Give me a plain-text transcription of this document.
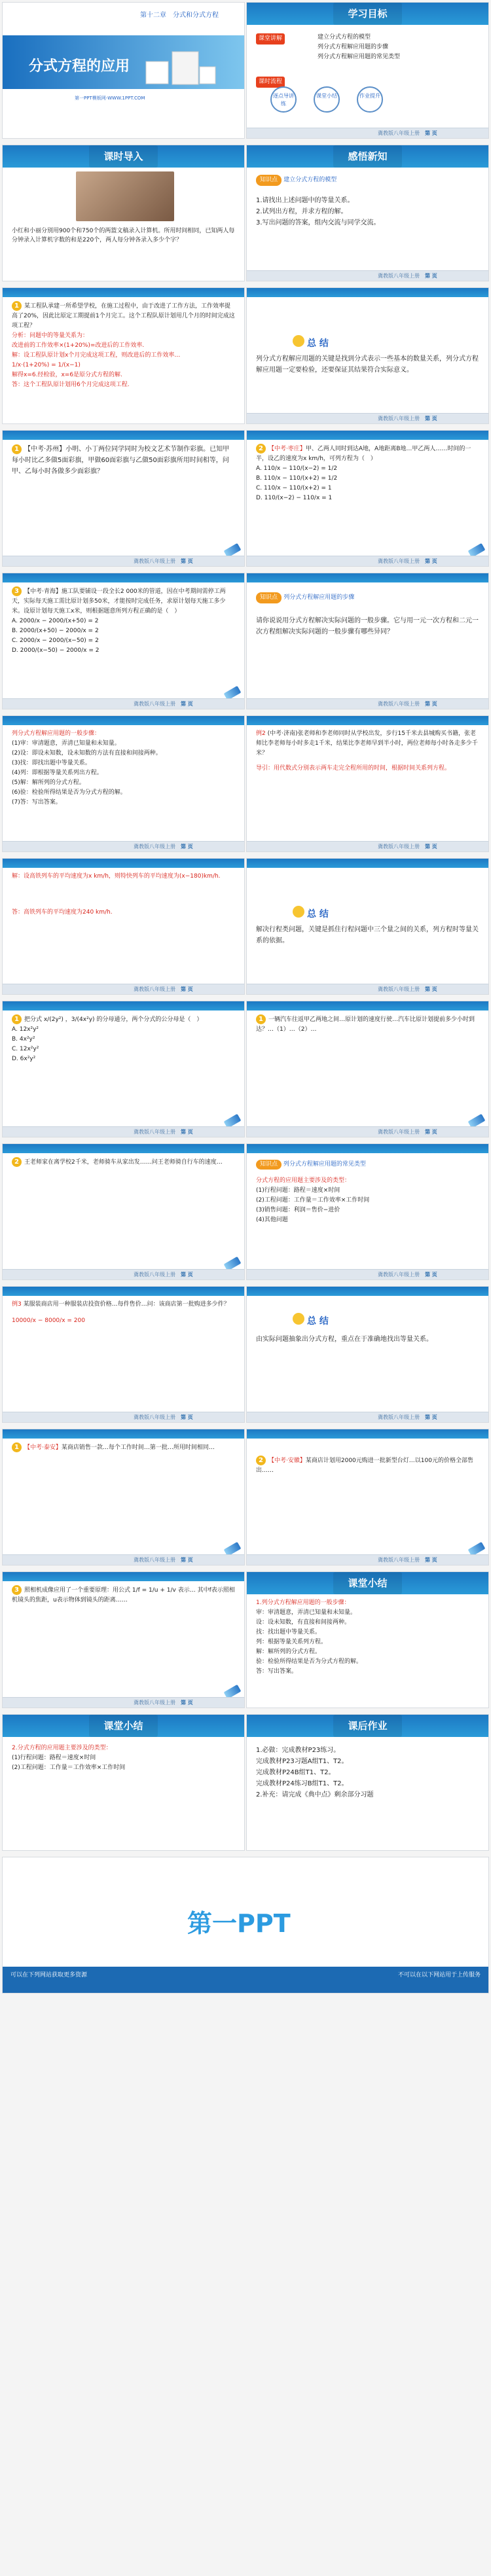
第十二章　分式和分式方程
分式方程的应用
第一PPT模板网-WWW.1PPT.COM
学习目标
课堂讲解	建立分式方程的模型
列分式方程解应用题的步骤
列分式方程解应用题的常见类型
课时流程
逐点导讲练
课堂小结	作业提升
冀教版八年级上册 第 页
课时导入
小红和小丽分别用900个和750个的两篮文稿录入计算机。所用时间相同，已知两人每分钟录入计算机字数的和是220个，两人每分钟各录入多少个字？
感悟新知
知识点 建立分式方程的模型
1.请找出上述问题中的等量关系。
2.试列出方程，并求方程的解。
3.写出问题的答案，组内交流与同学交流。
冀教版八年级上册 第 页
1 某工程队承建一所希望学校，在施工过程中，由于改进了工作方法，工作效率提高了20%，因此比原定工期提前1个月完工。这个工程队原计划用几个月的时间完成这项工程？
分析：问题中的等量关系为：
改进前的工作效率×(1+20%)=改进后的工作效率.
解：设工程队原计划x个月完成这项工程，则改进后的工作效率…
1/x·(1+20%) = 1/(x−1)
解得x=6.经检验，x=6是原分式方程的解.
答：这个工程队原计划用6个月完成这项工程.
总 结
列分式方程解应用题的关键是找到分式表示一些基本的数量关系，列分式方程解应用题一定要检验，还要保证其结果符合实际意义。
冀教版八年级上册 第 页
1 【中考·苏州】小明、小丁两位同学同时为校文艺术节制作彩旗。已知甲每小时比乙多做5面彩旗，甲做60面彩旗与乙做50面彩旗所用时间相等，问甲、乙每小时各做多少面彩旗？
冀教版八年级上册 第 页
2 【中考·枣庄】甲、乙两人同时到达A地，A地距离B地…甲乙两人……时间的一半，设乙的速度为x km/h，可列方程为（　）
A. 110/x − 110/(x−2) = 1/2
B. 110/x − 110/(x+2) = 1/2
C. 110/x − 110/(x+2) = 1
D. 110/(x−2) − 110/x = 1
冀教版八年级上册 第 页
3 【中考·青海】施工队要铺设一段全长2 000米的管道，因在中考期间需停工两天，实际每天施工需比原计划多50米，才能按时完成任务，求原计划每天施工多少米。设原计划每天施工x米，则根据题意所列方程正确的是（　）
A. 2000/x − 2000/(x+50) = 2
B. 2000/(x+50) − 2000/x = 2
C. 2000/x − 2000/(x−50) = 2
D. 2000/(x−50) − 2000/x = 2
冀教版八年级上册 第 页
知识点 列分式方程解应用题的步骤
请你说说用分式方程解决实际问题的一般步骤。它与用一元一次方程和二元一次方程组解决实际问题的一般步骤有哪些异同？
冀教版八年级上册 第 页
列分式方程解应用题的一般步骤：
(1)审：审清题意，弄清已知量和未知量。
(2)设：即设未知数，设未知数的方法有直接和间接两种。
(3)找：即找出题中等量关系。
(4)列：即根据等量关系列出方程。
(5)解：解所列的分式方程。
(6)验：检验所得结果是否为分式方程的解。
(7)答：写出答案。
冀教版八年级上册 第 页
例2 (中考·济南)张老师和李老师同时从学校出发，步行15千米去县城购买书籍，张老师比李老师每小时多走1千米，结果比李老师早到半小时，两位老师每小时各走多少千米？
导引：用代数式分别表示两车走完全程所用的时间，根据时间关系列方程。
冀教版八年级上册 第 页
解：设高铁列车的平均速度为x km/h，则特快列车的平均速度为(x−180)km/h.
答：高铁列车的平均速度为240 km/h.
冀教版八年级上册 第 页
总 结
解决行程类问题，关键是抓住行程问题中三个量之间的关系，列方程时等量关系的依据。
冀教版八年级上册 第 页
1 把分式 x/(2y²) ，3/(4x²y) 的分母通分，两个分式的公分母是（　）
A. 12x²y²
B. 4x²y²
C. 12x²y²
D. 6x²y²
冀教版八年级上册 第 页
1 一辆汽车往返甲乙两地之间…原计划的速度行驶…汽车比原计划提前多少小时到达？…（1）…（2）…
冀教版八年级上册 第 页
2 王老师家在离学校2千米，老师骑车从家出发……问王老师骑自行车的速度…
冀教版八年级上册 第 页
知识点 列分式方程解应用题的常见类型
分式方程的应用题主要涉及的类型：
(1)行程问题：路程＝速度×时间
(2)工程问题：工作量＝工作效率×工作时间
(3)销售问题：利润＝售价−进价
(4)其他问题
冀教版八年级上册 第 页
例3 某服装商店用一种服装店投资价格…每件售价…问：该商店第一批购进多少件？
10000/x − 8000/x = 200
冀教版八年级上册 第 页
总 结
由实际问题抽象出分式方程，重点在于准确地找出等量关系。
冀教版八年级上册 第 页
1 【中考·泰安】某商店销售一款…每个工作时间…第一批…所用时间相同…
冀教版八年级上册 第 页
2 【中考·安徽】某商店计划用2000元购进一批新型台灯…以100元的价格全部售出……
冀教版八年级上册 第 页
3 照相机成像应用了一个重要原理：用公式 1/f = 1/u + 1/v 表示… 其中f表示照相机镜头的焦距，u表示物体到镜头的距离……
冀教版八年级上册 第 页
课堂小结
1.列分式方程解应用题的一般步骤：
审：审清题意，弄清已知量和未知量。
设：设未知数，有直接和间接两种。
找：找出题中等量关系。
列：根据等量关系列方程。
解：解所列的分式方程。
验：检验所得结果是否为分式方程的解。
答：写出答案。
课堂小结
2.分式方程的应用题主要涉及的类型：
(1)行程问题：路程＝速度×时间
(2)工程问题：工作量＝工作效率×工作时间
课后作业
1.必做：完成教材P23练习。
完成教材P23习题A组T1、T2。
完成教材P24B组T1、T2。
完成教材P24练习B组T1、T2。
2.补充：请完成《典中点》剩余部分习题
第一PPT
可以在下列网站获取更多资源	不可以在以下网站用于上传服务
